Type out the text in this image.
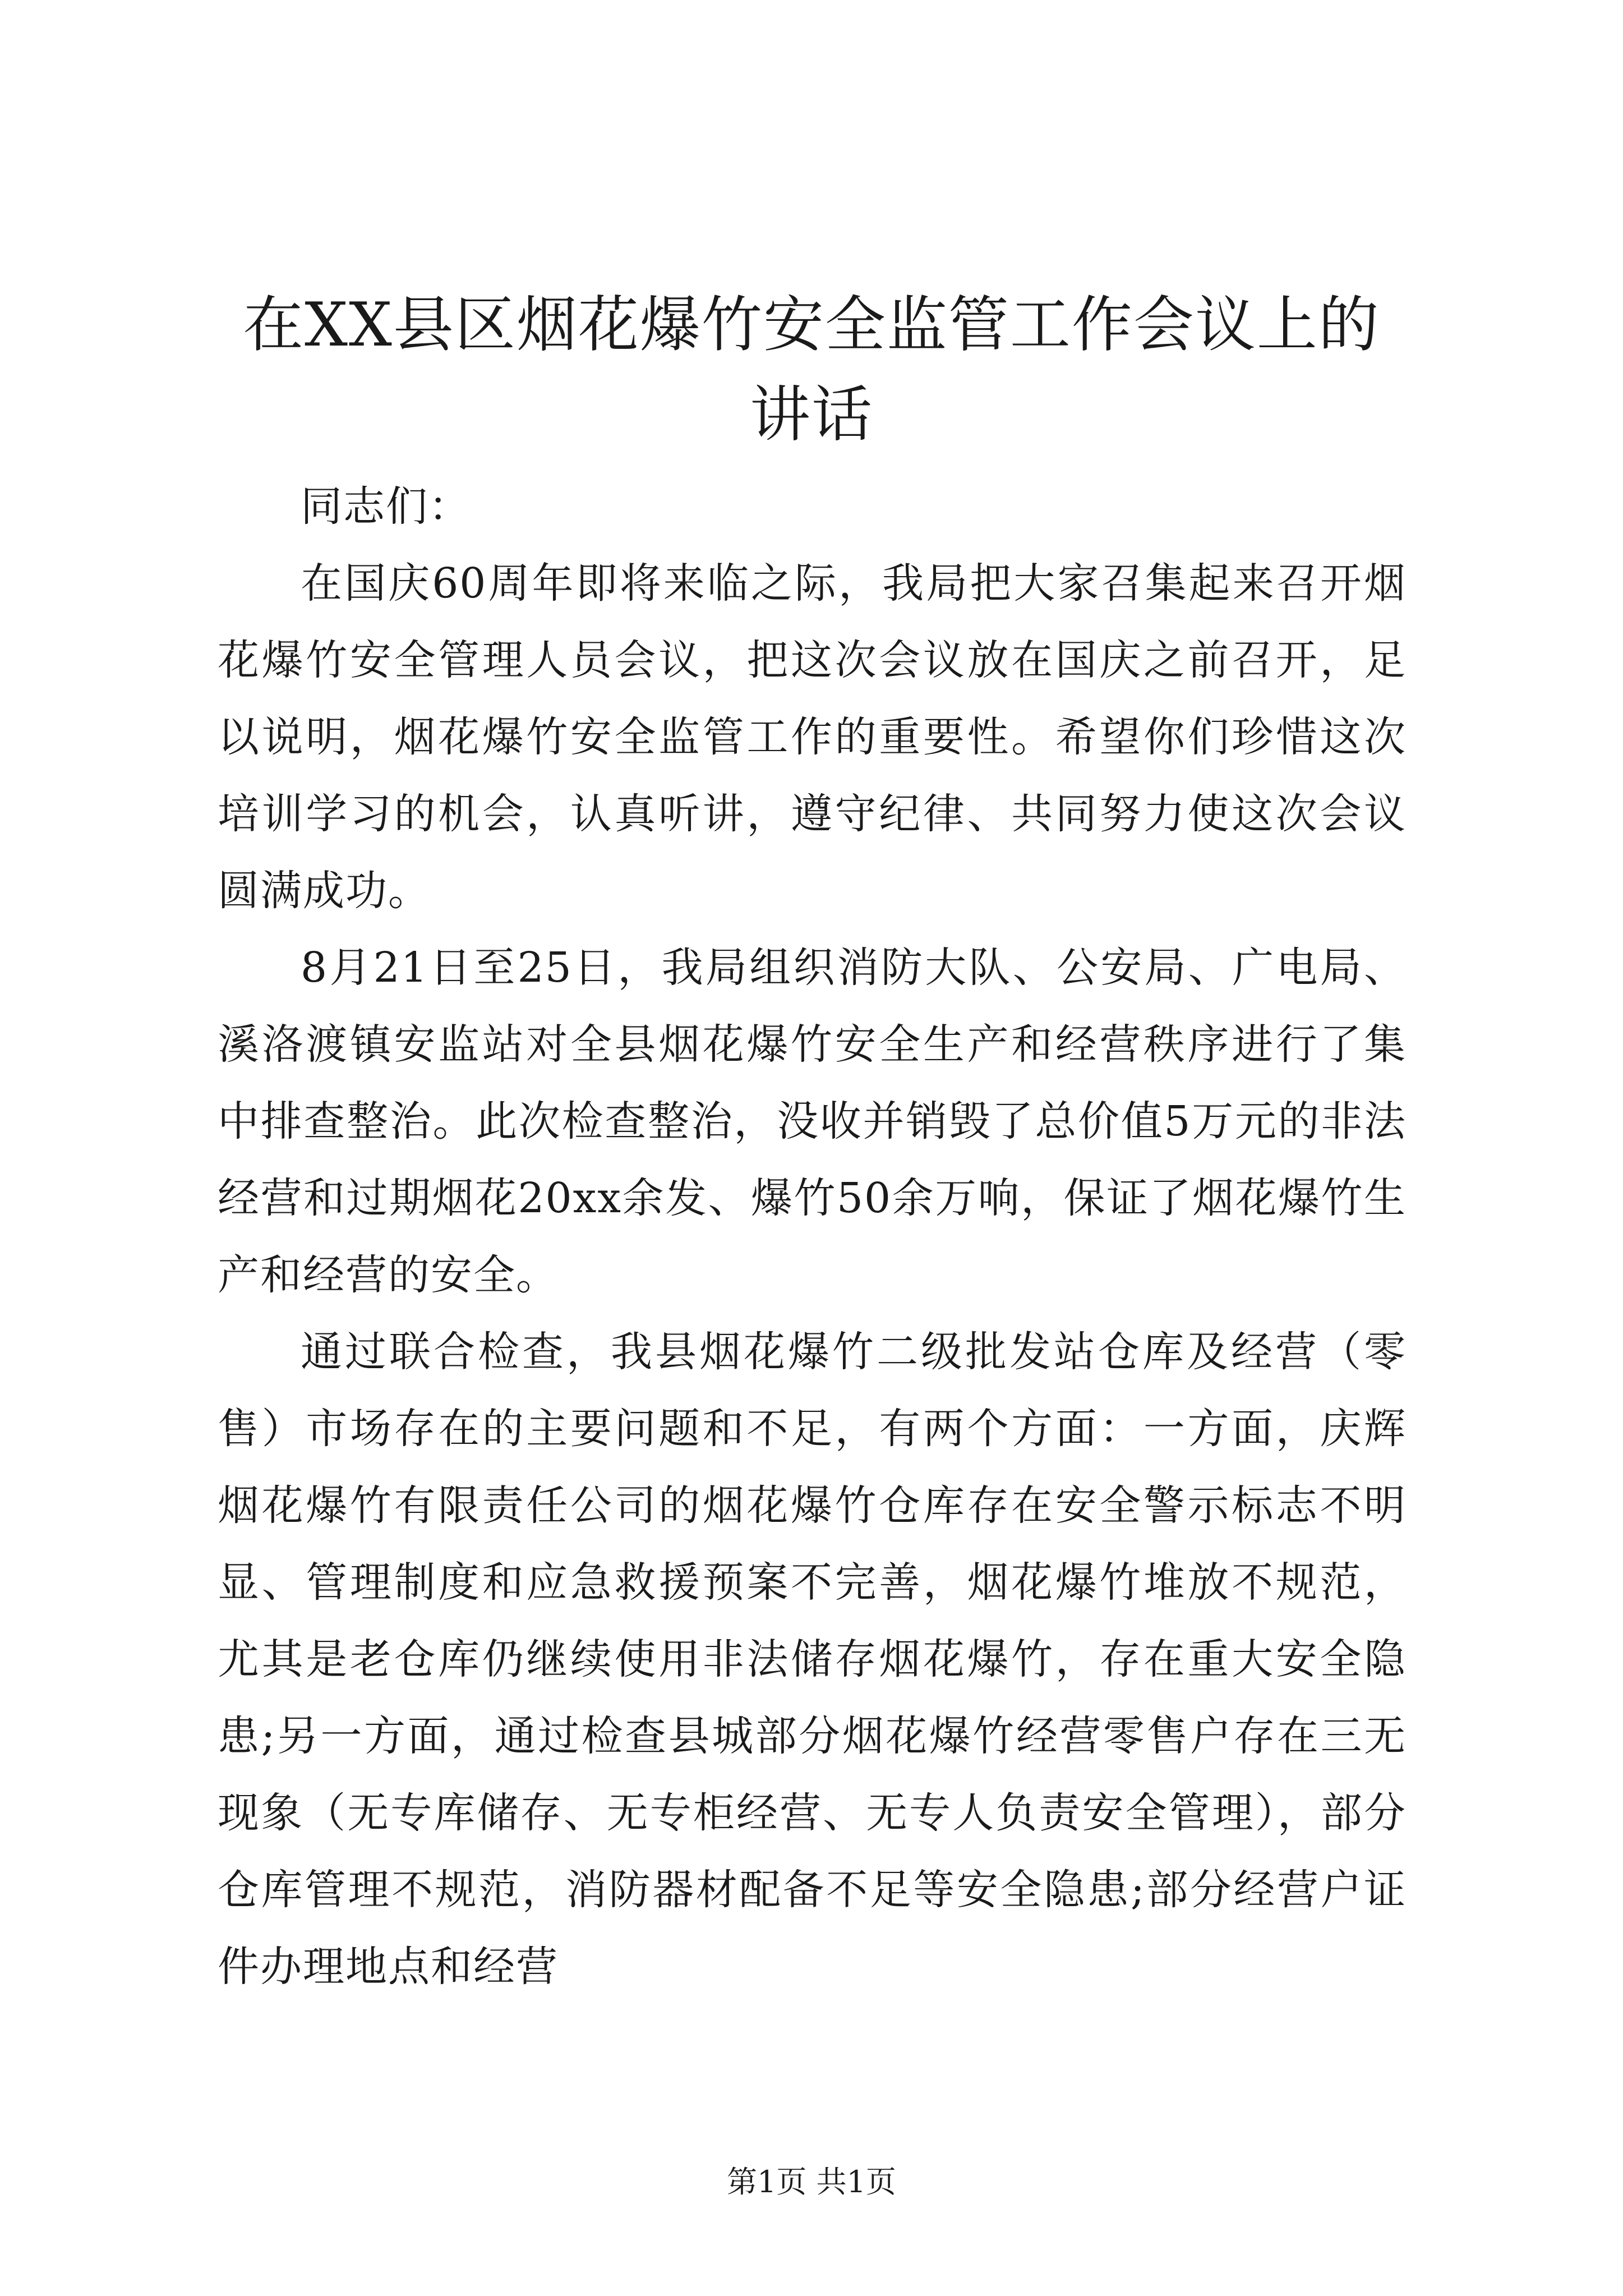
在XX县区烟花爆竹安全监管工作会议上的讲话

同志们：

在国庆60周年即将来临之际，我局把大家召集起来召开烟花爆竹安全管理人员会议，把这次会议放在国庆之前召开，足以说明，烟花爆竹安全监管工作的重要性。希望你们珍惜这次培训学习的机会，认真听讲，遵守纪律、共同努力使这次会议圆满成功。

8月21日至25日，我局组织消防大队、公安局、广电局、溪洛渡镇安监站对全县烟花爆竹安全生产和经营秩序进行了集中排查整治。此次检查整治，没收并销毁了总价值5万元的非法经营和过期烟花20xx余发、爆竹50余万响，保证了烟花爆竹生产和经营的安全。

通过联合检查，我县烟花爆竹二级批发站仓库及经营（零售）市场存在的主要问题和不足，有两个方面：一方面，庆辉烟花爆竹有限责任公司的烟花爆竹仓库存在安全警示标志不明显、管理制度和应急救援预案不完善，烟花爆竹堆放不规范，尤其是老仓库仍继续使用非法储存烟花爆竹，存在重大安全隐患;另一方面，通过检查县城部分烟花爆竹经营零售户存在三无现象（无专库储存、无专柜经营、无专人负责安全管理），部分仓库管理不规范，消防器材配备不足等安全隐患;部分经营户证件办理地点和经营

第1页 共1页
